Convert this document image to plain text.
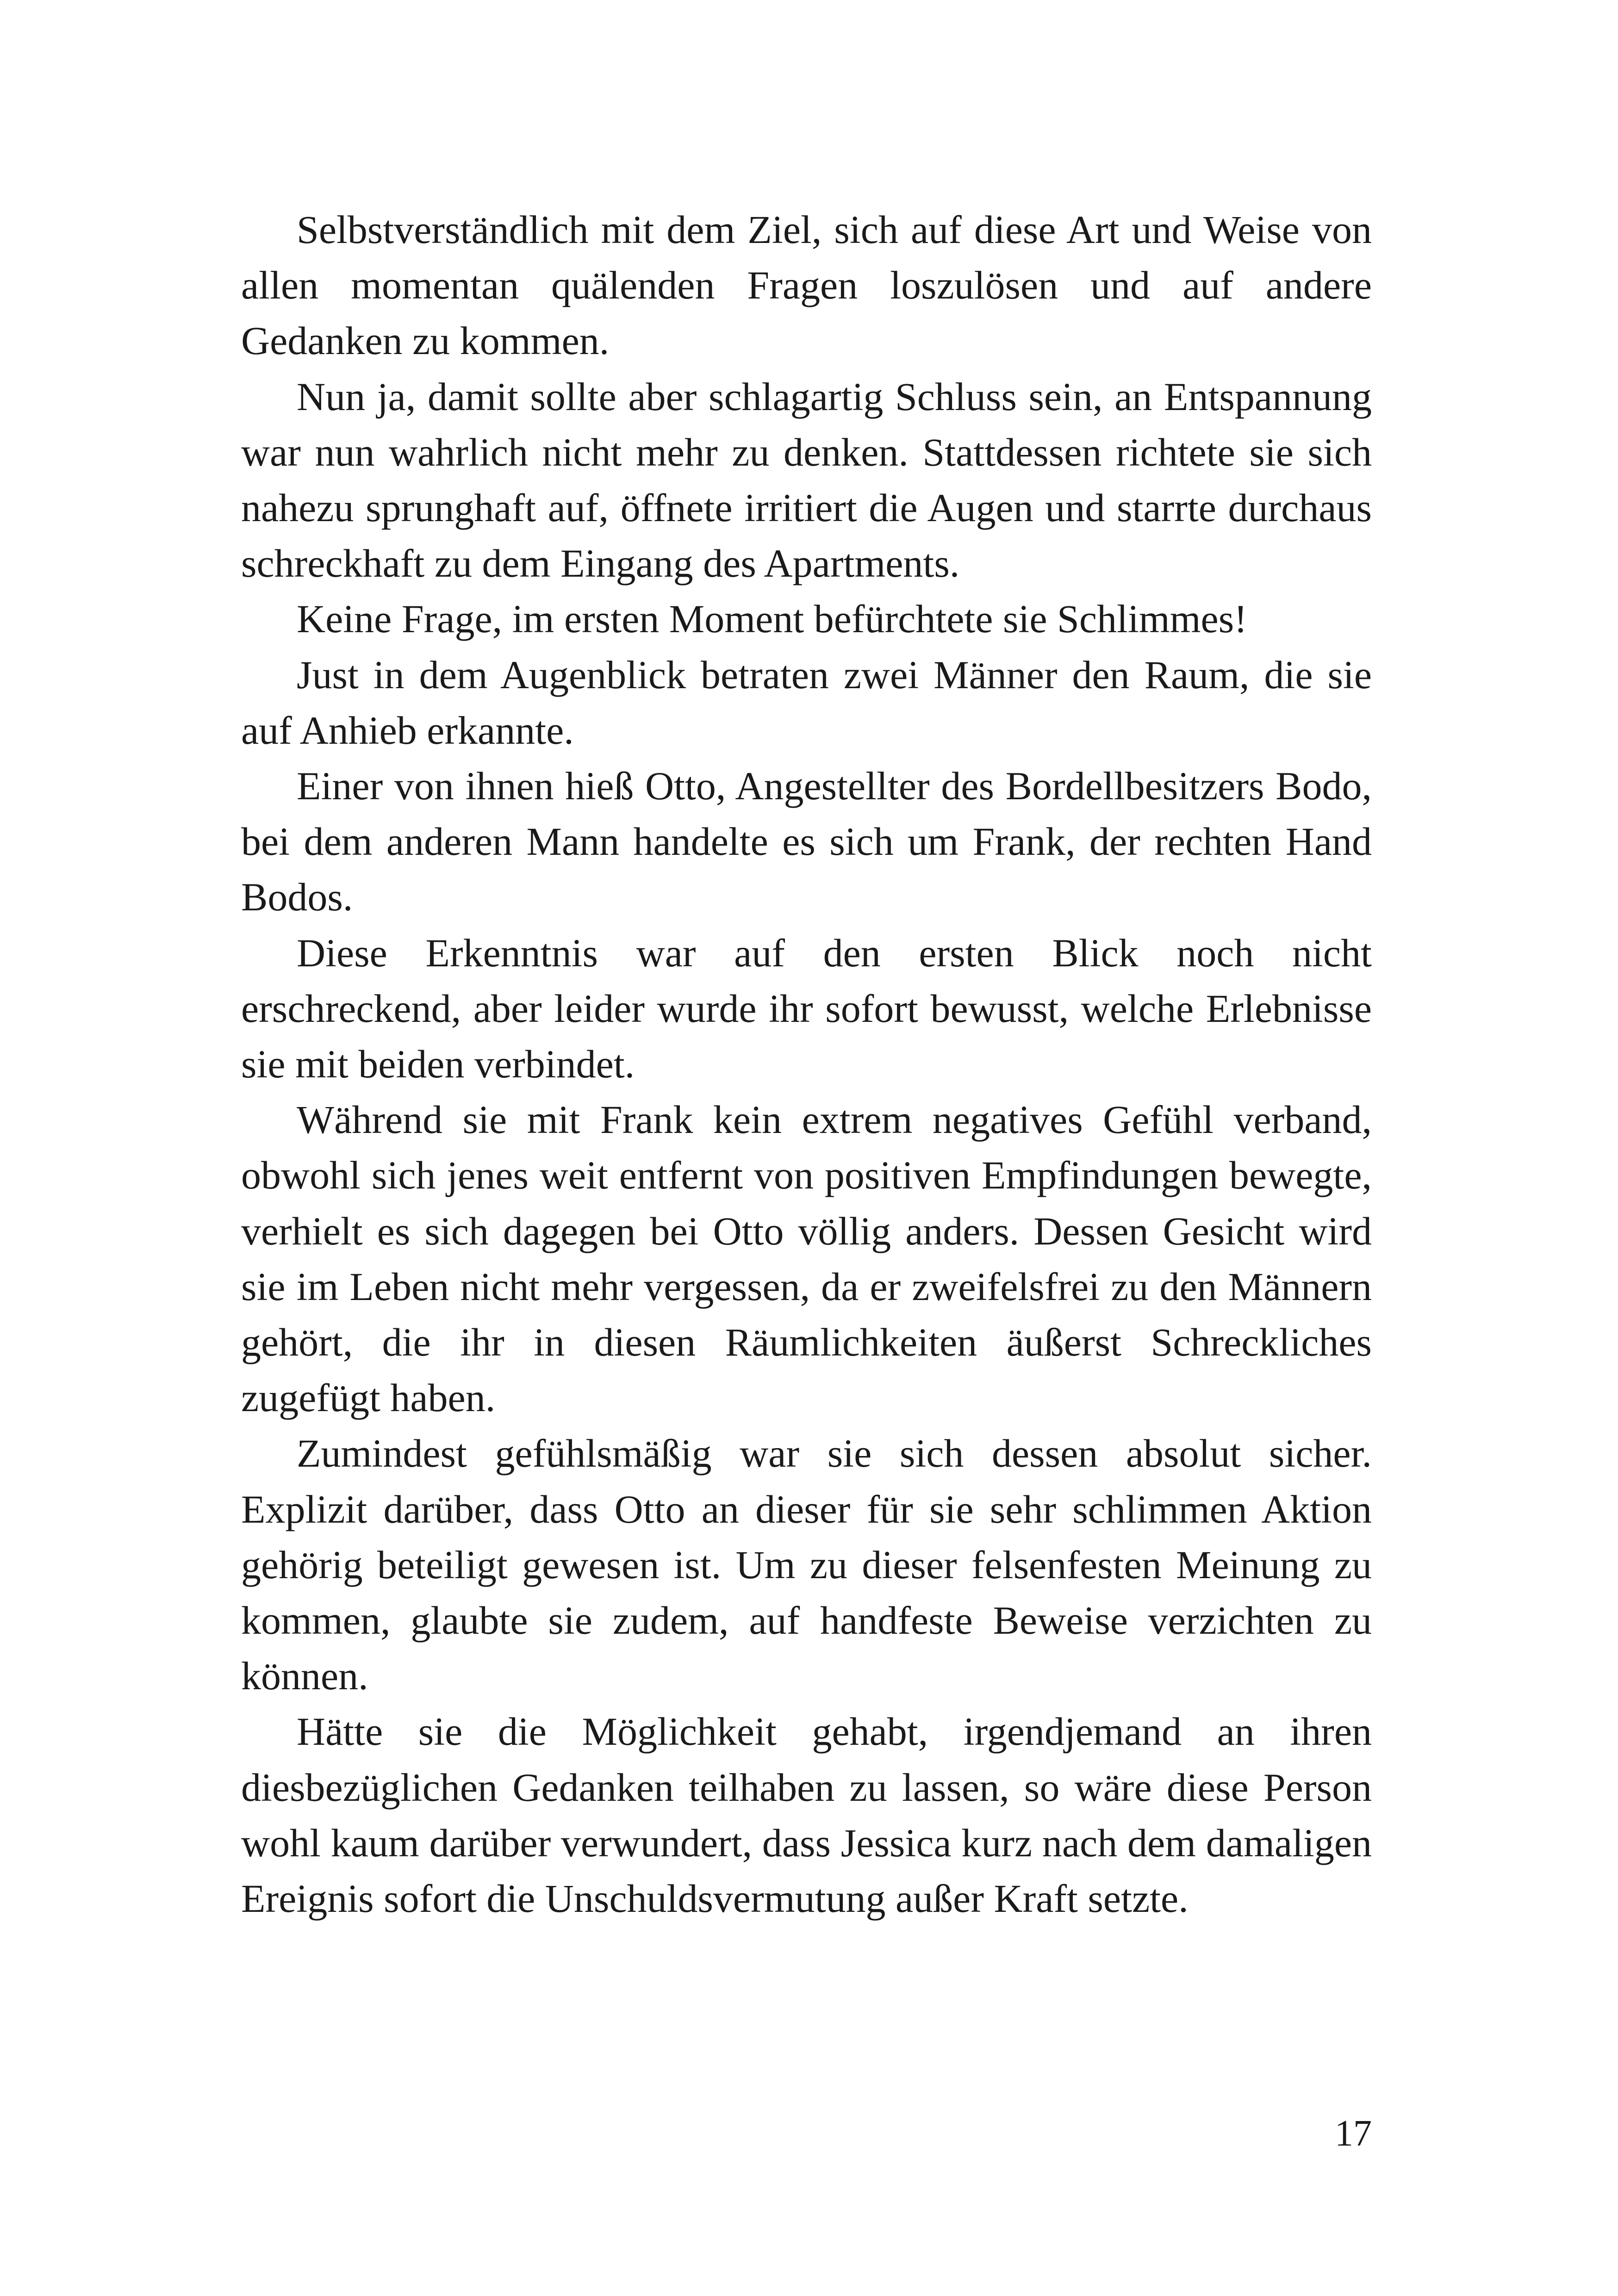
Selbstverständlich mit dem Ziel, sich auf diese Art und Weise von allen momentan quälenden Fragen loszulösen und auf andere Gedanken zu kommen.

Nun ja, damit sollte aber schlagartig Schluss sein, an Entspannung war nun wahrlich nicht mehr zu denken. Stattdessen richtete sie sich nahezu sprunghaft auf, öffnete irritiert die Augen und starrte durchaus schreckhaft zu dem Eingang des Apartments.

Keine Frage, im ersten Moment befürchtete sie Schlimmes!

Just in dem Augenblick betraten zwei Männer den Raum, die sie auf Anhieb erkannte.

Einer von ihnen hieß Otto, Angestellter des Bordellbesitzers Bodo, bei dem anderen Mann handelte es sich um Frank, der rechten Hand Bodos.

Diese Erkenntnis war auf den ersten Blick noch nicht erschreckend, aber leider wurde ihr sofort bewusst, welche Erlebnisse sie mit beiden verbindet.

Während sie mit Frank kein extrem negatives Gefühl verband, obwohl sich jenes weit entfernt von positiven Empfindungen bewegte, verhielt es sich dagegen bei Otto völlig anders. Dessen Gesicht wird sie im Leben nicht mehr vergessen, da er zweifelsfrei zu den Männern gehört, die ihr in diesen Räumlichkeiten äußerst Schreckliches zugefügt haben.

Zumindest gefühlsmäßig war sie sich dessen absolut sicher. Explizit darüber, dass Otto an dieser für sie sehr schlimmen Aktion gehörig beteiligt gewesen ist. Um zu dieser felsenfesten Meinung zu kommen, glaubte sie zudem, auf handfeste Beweise verzichten zu können.

Hätte sie die Möglichkeit gehabt, irgendjemand an ihren diesbezüglichen Gedanken teilhaben zu lassen, so wäre diese Person wohl kaum darüber verwundert, dass Jessica kurz nach dem damaligen Ereignis sofort die Unschuldsvermutung außer Kraft setzte.

17
